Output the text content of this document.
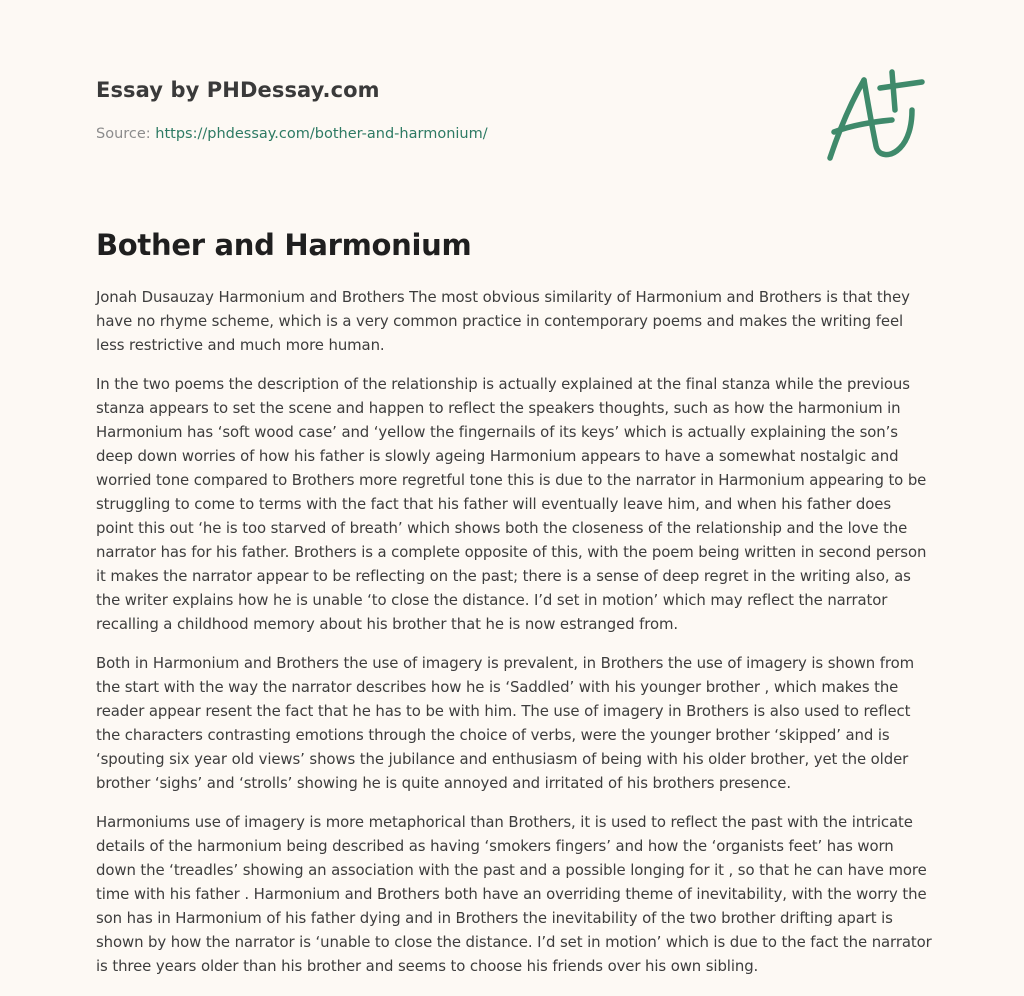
Essay by PHDessay.com
Source: https://phdessay.com/bother-and-harmonium/
Bother and Harmonium

Jonah Dusauzay Harmonium and Brothers The most obvious similarity of Harmonium and Brothers is that they have no rhyme scheme, which is a very common practice in contemporary poems and makes the writing feel less restrictive and much more human.

In the two poems the description of the relationship is actually explained at the final stanza while the previous stanza appears to set the scene and happen to reflect the speakers thoughts, such as how the harmonium in Harmonium has ‘soft wood case’ and ‘yellow the fingernails of its keys’ which is actually explaining the son’s deep down worries of how his father is slowly ageing Harmonium appears to have a somewhat nostalgic and worried tone compared to Brothers more regretful tone this is due to the narrator in Harmonium appearing to be struggling to come to terms with the fact that his father will eventually leave him, and when his father does point this out ‘he is too starved of breath’ which shows both the closeness of the relationship and the love the narrator has for his father. Brothers is a complete opposite of this, with the poem being written in second person it makes the narrator appear to be reflecting on the past; there is a sense of deep regret in the writing also, as the writer explains how he is unable ‘to close the distance. I’d set in motion’ which may reflect the narrator recalling a childhood memory about his brother that he is now estranged from.

Both in Harmonium and Brothers the use of imagery is prevalent, in Brothers the use of imagery is shown from the start with the way the narrator describes how he is ‘Saddled’ with his younger brother , which makes the reader appear resent the fact that he has to be with him. The use of imagery in Brothers is also used to reflect the characters contrasting emotions through the choice of verbs, were the younger brother ‘skipped’ and is ‘spouting six year old views’ shows the jubilance and enthusiasm of being with his older brother, yet the older brother ‘sighs’ and ‘strolls’ showing he is quite annoyed and irritated of his brothers presence.

Harmoniums use of imagery is more metaphorical than Brothers, it is used to reflect the past with the intricate details of the harmonium being described as having ‘smokers fingers’ and how the ‘organists feet’ has worn down the ‘treadles’ showing an association with the past and a possible longing for it , so that he can have more time with his father . Harmonium and Brothers both have an overriding theme of inevitability, with the worry the son has in Harmonium of his father dying and in Brothers the inevitability of the two brother drifting apart is shown by how the narrator is ‘unable to close the distance. I’d set in motion’ which is due to the fact the narrator is three years older than his brother and seems to choose his friends over his own sibling.
